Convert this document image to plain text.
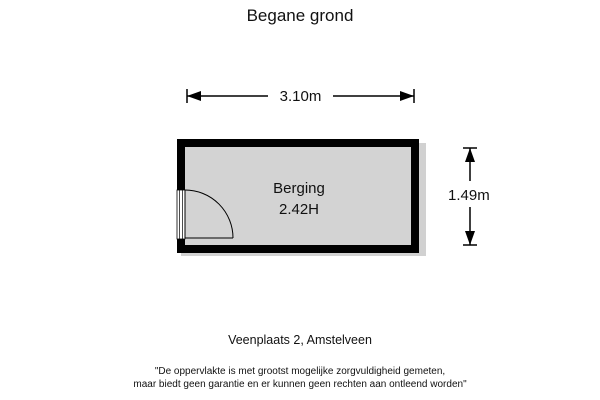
Begane grond
3.10m
1.49m
Berging
2.42H
Veenplaats 2, Amstelveen
"De oppervlakte is met grootst mogelijke zorgvuldigheid gemeten,
maar biedt geen garantie en er kunnen geen rechten aan ontleend worden"
